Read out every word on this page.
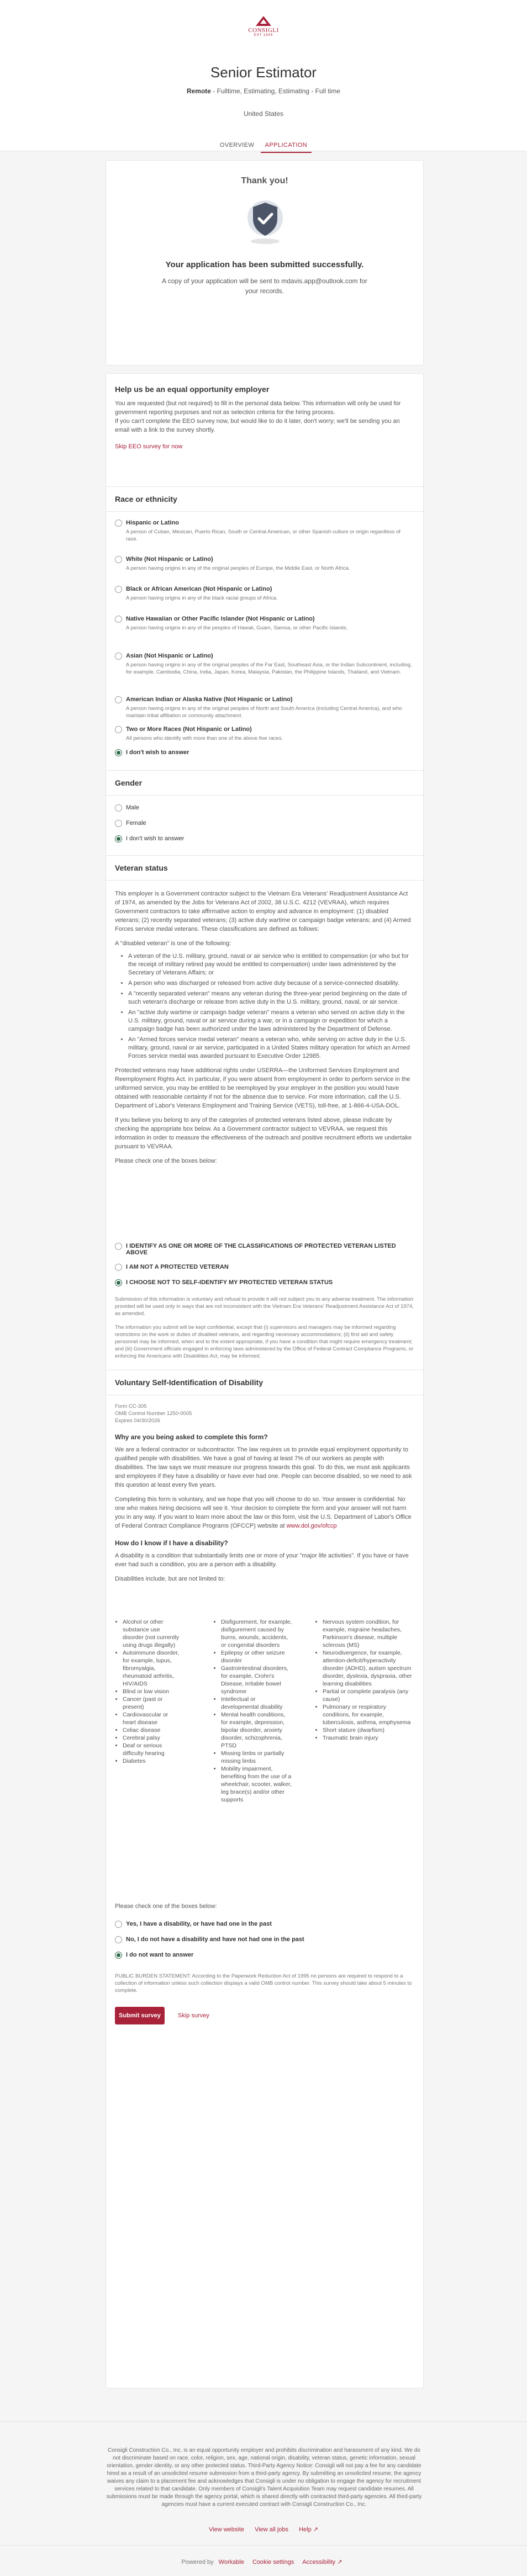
CONSIGLI
EST 1905
Senior Estimator
Remote - Fulltime, Estimating, Estimating - Full time
United States
OVERVIEW APPLICATION
Thank you!
Your application has been submitted successfully.
A copy of your application will be sent to mdavis.app@outlook.com for your records.
Help us be an equal opportunity employer
You are requested (but not required) to fill in the personal data below. This information will only be used for government reporting purposes and not as selection criteria for the hiring process.
If you can't complete the EEO survey now, but would like to do it later, don't worry; we'll be sending you an email with a link to the survey shortly.
Skip EEO survey for now
Race or ethnicity
Hispanic or Latino
A person of Cuban, Mexican, Puerto Rican, South or Central American, or other Spanish culture or origin regardless of race.
White (Not Hispanic or Latino)
A person having origins in any of the original peoples of Europe, the Middle East, or North Africa.
Black or African American (Not Hispanic or Latino)
A person having origins in any of the black racial groups of Africa.
Native Hawaiian or Other Pacific Islander (Not Hispanic or Latino)
A person having origins in any of the peoples of Hawaii, Guam, Samoa, or other Pacific Islands.
Asian (Not Hispanic or Latino)
A person having origins in any of the original peoples of the Far East, Southeast Asia, or the Indian Subcontinent, including, for example, Cambodia, China, India, Japan, Korea, Malaysia, Pakistan, the Philippine Islands, Thailand, and Vietnam.
American Indian or Alaska Native (Not Hispanic or Latino)
A person having origins in any of the original peoples of North and South America (including Central America), and who maintain tribal affiliation or community attachment.
Two or More Races (Not Hispanic or Latino)
All persons who identify with more than one of the above five races.
I don't wish to answer
Gender
Male
Female
I don't wish to answer
Veteran status
This employer is a Government contractor subject to the Vietnam Era Veterans' Readjustment Assistance Act of 1974, as amended by the Jobs for Veterans Act of 2002, 38 U.S.C. 4212 (VEVRAA), which requires Government contractors to take affirmative action to employ and advance in employment: (1) disabled veterans; (2) recently separated veterans; (3) active duty wartime or campaign badge veterans; and (4) Armed Forces service medal veterans. These classifications are defined as follows:
A "disabled veteran" is one of the following:
• A veteran of the U.S. military, ground, naval or air service who is entitled to compensation (or who but for the receipt of military retired pay would be entitled to compensation) under laws administered by the Secretary of Veterans Affairs; or
• A person who was discharged or released from active duty because of a service-connected disability.
• A "recently separated veteran" means any veteran during the three-year period beginning on the date of such veteran's discharge or release from active duty in the U.S. military, ground, naval, or air service.
• An "active duty wartime or campaign badge veteran" means a veteran who served on active duty in the U.S. military, ground, naval or air service during a war, or in a campaign or expedition for which a campaign badge has been authorized under the laws administered by the Department of Defense.
• An "Armed forces service medal veteran" means a veteran who, while serving on active duty in the U.S. military, ground, naval or air service, participated in a United States military operation for which an Armed Forces service medal was awarded pursuant to Executive Order 12985.
Protected veterans may have additional rights under USERRA—the Uniformed Services Employment and Reemployment Rights Act. In particular, if you were absent from employment in order to perform service in the uniformed service, you may be entitled to be reemployed by your employer in the position you would have obtained with reasonable certainty if not for the absence due to service. For more information, call the U.S. Department of Labor's Veterans Employment and Training Service (VETS), toll-free, at 1-866-4-USA-DOL.
If you believe you belong to any of the categories of protected veterans listed above, please indicate by checking the appropriate box below. As a Government contractor subject to VEVRAA, we request this information in order to measure the effectiveness of the outreach and positive recruitment efforts we undertake pursuant to VEVRAA.
Please check one of the boxes below:
I IDENTIFY AS ONE OR MORE OF THE CLASSIFICATIONS OF PROTECTED VETERAN LISTED ABOVE
I AM NOT A PROTECTED VETERAN
I CHOOSE NOT TO SELF-IDENTIFY MY PROTECTED VETERAN STATUS
Submission of this information is voluntary and refusal to provide it will not subject you to any adverse treatment. The information provided will be used only in ways that are not inconsistent with the Vietnam Era Veterans' Readjustment Assistance Act of 1974, as amended.
The information you submit will be kept confidential, except that (i) supervisors and managers may be informed regarding restrictions on the work or duties of disabled veterans, and regarding necessary accommodations; (ii) first aid and safety personnel may be informed, when and to the extent appropriate, if you have a condition that might require emergency treatment; and (iii) Government officials engaged in enforcing laws administered by the Office of Federal Contract Compliance Programs, or enforcing the Americans with Disabilities Act, may be informed.
Voluntary Self-Identification of Disability
Form CC-305
OMB Control Number 1250-0005
Expires 04/30/2026
Why are you being asked to complete this form?
We are a federal contractor or subcontractor. The law requires us to provide equal employment opportunity to qualified people with disabilities. We have a goal of having at least 7% of our workers as people with disabilities. The law says we must measure our progress towards this goal. To do this, we must ask applicants and employees if they have a disability or have ever had one. People can become disabled, so we need to ask this question at least every five years.
Completing this form is voluntary, and we hope that you will choose to do so. Your answer is confidential. No one who makes hiring decisions will see it. Your decision to complete the form and your answer will not harm you in any way. If you want to learn more about the law or this form, visit the U.S. Department of Labor's Office of Federal Contract Compliance Programs (OFCCP) website at www.dol.gov/ofccp
How do I know if I have a disability?
A disability is a condition that substantially limits one or more of your "major life activities". If you have or have ever had such a condition, you are a person with a disability.
Disabilities include, but are not limited to:
• Alcohol or other substance use disorder (not currently using drugs illegally)
• Autoimmune disorder, for example, lupus, fibromyalgia, rheumatoid arthritis, HIV/AIDS
• Blind or low vision
• Cancer (past or present)
• Cardiovascular or heart disease
• Celiac disease
• Cerebral palsy
• Deaf or serious difficulty hearing
• Diabetes
• Disfigurement, for example, disfigurement caused by burns, wounds, accidents, or congenital disorders
• Epilepsy or other seizure disorder
• Gastrointestinal disorders, for example, Crohn's Disease, irritable bowel syndrome
• Intellectual or developmental disability
• Mental health conditions, for example, depression, bipolar disorder, anxiety disorder, schizophrenia, PTSD
• Missing limbs or partially missing limbs
• Mobility impairment, benefiting from the use of a wheelchair, scooter, walker, leg brace(s) and/or other supports
• Nervous system condition, for example, migraine headaches, Parkinson's disease, multiple sclerosis (MS)
• Neurodivergence, for example, attention-deficit/hyperactivity disorder (ADHD), autism spectrum disorder, dyslexia, dyspraxia, other learning disabilities
• Partial or complete paralysis (any cause)
• Pulmonary or respiratory conditions, for example, tuberculosis, asthma, emphysema
• Short stature (dwarfism)
• Traumatic brain injury
Please check one of the boxes below:
Yes, I have a disability, or have had one in the past
No, I do not have a disability and have not had one in the past
I do not want to answer
PUBLIC BURDEN STATEMENT: According to the Paperwork Reduction Act of 1995 no persons are required to respond to a collection of information unless such collection displays a valid OMB control number. This survey should take about 5 minutes to complete.
Submit survey	Skip survey
Consigli Construction Co., Inc. is an equal opportunity employer and prohibits discrimination and harassment of any kind. We do not discriminate based on race, color, religion, sex, age, national origin, disability, veteran status, genetic information, sexual orientation, gender identity, or any other protected status. Third-Party Agency Notice: Consigli will not pay a fee for any candidate hired as a result of an unsolicited resume submission from a third-party agency. By submitting an unsolicited resume, the agency waives any claim to a placement fee and acknowledges that Consigli is under no obligation to engage the agency for recruitment services related to that candidate. Only members of Consigli's Talent Acquisition Team may request candidate resumes. All submissions must be made through the agency portal, which is shared directly with contracted third-party agencies. All third-party agencies must have a current executed contract with Consigli Construction Co., Inc.
View website View all jobs Help ↗
Powered by Workable Cookie settings Accessibility ↗
